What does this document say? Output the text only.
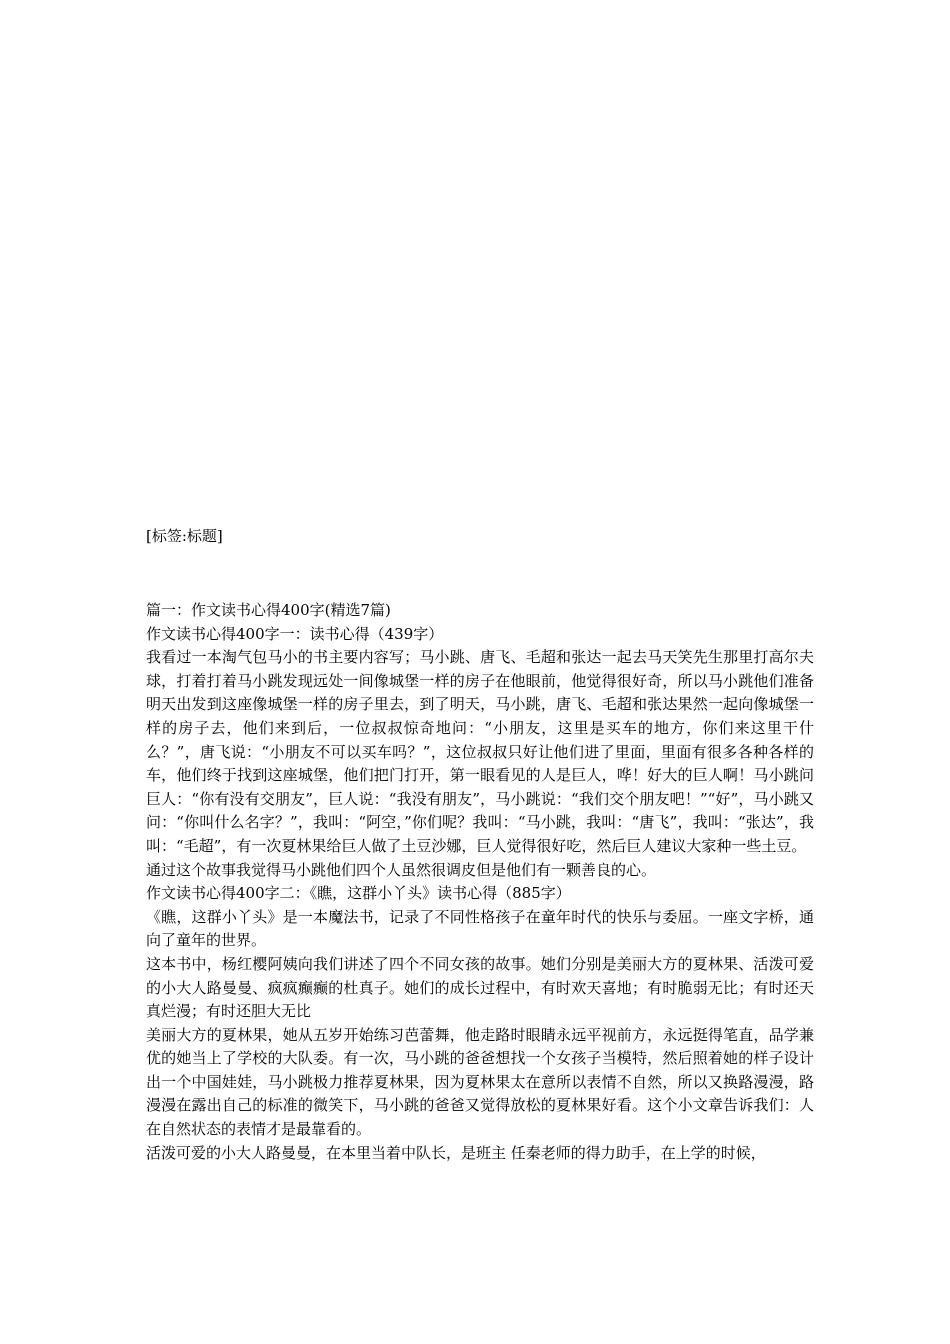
[标签:标题]

篇一：作文读书心得400字(精选7篇)

作文读书心得400字一：读书心得（439字）

我看过一本淘气包马小的书主要内容写；马小跳、唐飞、毛超和张达一起去马天笑先生那里打高尔夫球，打着打着马小跳发现远处一间像城堡一样的房子在他眼前，他觉得很好奇，所以马小跳他们准备明天出发到这座像城堡一样的房子里去，到了明天，马小跳，唐飞、毛超和张达果然一起向像城堡一样的房子去，他们来到后，一位叔叔惊奇地问：“小朋友，这里是买车的地方，你们来这里干什么？”，唐飞说：“小朋友不可以买车吗？”，这位叔叔只好让他们进了里面，里面有很多各种各样的车，他们终于找到这座城堡，他们把门打开，第一眼看见的人是巨人，哗！好大的巨人啊！马小跳问巨人：“你有没有交朋友”，巨人说：“我没有朋友”，马小跳说：“我们交个朋友吧！”“好”，马小跳又问：“你叫什么名字？”，我叫：“阿空，”你们呢？我叫：“马小跳，我叫：“唐飞”，我叫：“张达”，我叫：“毛超”，有一次夏林果给巨人做了土豆沙娜，巨人觉得很好吃，然后巨人建议大家种一些土豆。

通过这个故事我觉得马小跳他们四个人虽然很调皮但是他们有一颗善良的心。

作文读书心得400字二：《瞧，这群小丫头》读书心得（885字）

《瞧，这群小丫头》是一本魔法书，记录了不同性格孩子在童年时代的快乐与委屈。一座文字桥，通向了童年的世界。

这本书中，杨红樱阿姨向我们讲述了四个不同女孩的故事。她们分别是美丽大方的夏林果、活泼可爱的小大人路曼曼、疯疯癫癫的杜真子。她们的成长过程中，有时欢天喜地；有时脆弱无比；有时还天真烂漫；有时还胆大无比

美丽大方的夏林果，她从五岁开始练习芭蕾舞，他走路时眼睛永远平视前方，永远挺得笔直，品学兼优的她当上了学校的大队委。有一次，马小跳的爸爸想找一个女孩子当模特，然后照着她的样子设计出一个中国娃娃，马小跳极力推荐夏林果，因为夏林果太在意所以表情不自然，所以又换路漫漫，路漫漫在露出自己的标准的微笑下，马小跳的爸爸又觉得放松的夏林果好看。这个小文章告诉我们：人在自然状态的表情才是最靠看的。

活泼可爱的小大人路曼曼，在本里当着中队长，是班主 任秦老师的得力助手，在上学的时候，
